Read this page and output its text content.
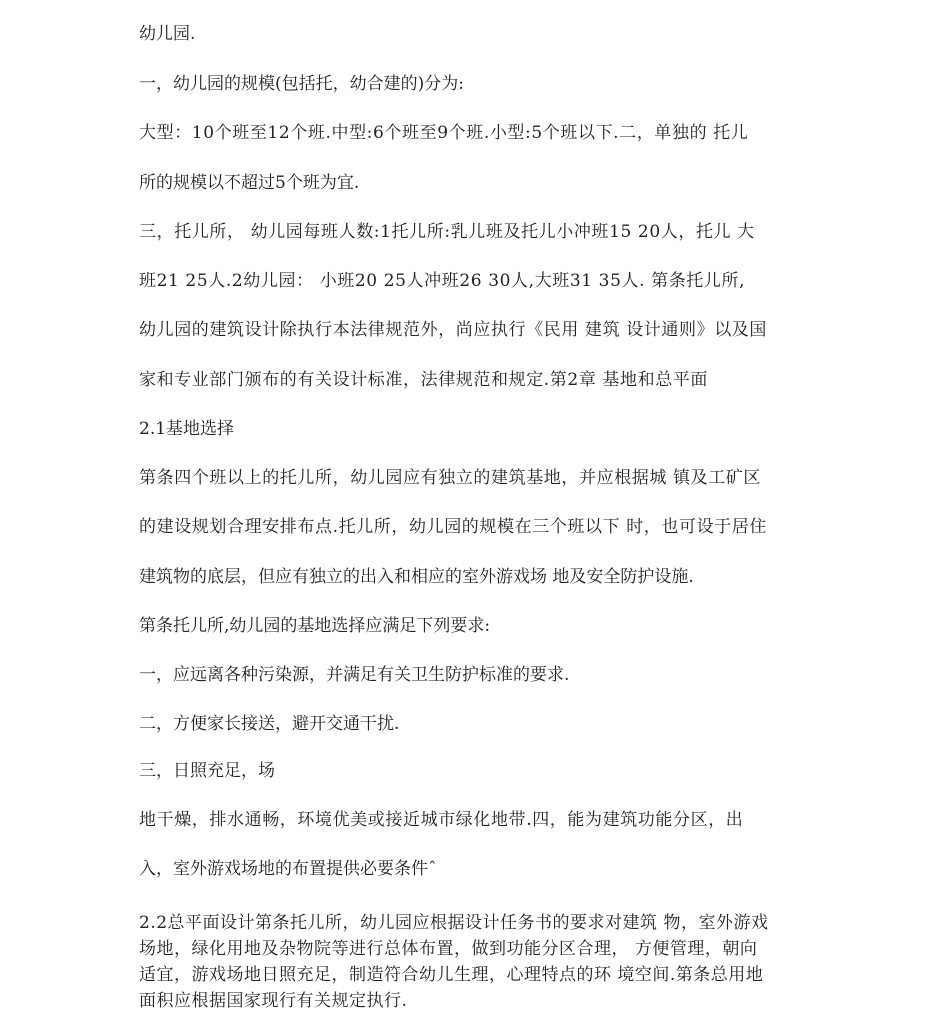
幼儿园.
一，幼儿园的规模(包括托，幼合建的)分为:
大型：10个班至12个班.中型:6个班至9个班.小型:5个班以下.二，单独的 托儿
所的规模以不超过5个班为宜.
三，托儿所， 幼儿园每班人数:1托儿所:乳儿班及托儿小冲班15 20人，托儿 大
班21 25人.2幼儿园： 小班20 25人冲班26 30人,大班31 35人. 第条托儿所,
幼儿园的建筑设计除执行本法律规范外，尚应执行《民用 建筑 设计通则》以及国
家和专业部门颁布的有关设计标准，法律规范和规定.第2章 基地和总平面
2.1基地选择
第条四个班以上的托儿所，幼儿园应有独立的建筑基地，并应根据城 镇及工矿区
的建设规划合理安排布点.托儿所，幼儿园的规模在三个班以下 时，也可设于居住
建筑物的底层，但应有独立的出入和相应的室外游戏场 地及安全防护设施.
第条托儿所,幼儿园的基地选择应满足下列要求:
一，应远离各种污染源，并满足有关卫生防护标准的要求.
二，方便家长接送，避开交通干扰.
三，日照充足，场
地干燥，排水通畅，环境优美或接近城市绿化地带.四，能为建筑功能分区，出
入，室外游戏场地的布置提供必要条件ˆ
2.2总平面设计第条托儿所，幼儿园应根据设计任务书的要求对建筑 物，室外游戏
场地，绿化用地及杂物院等进行总体布置，做到功能分区合理， 方便管理，朝向
适宜，游戏场地日照充足，制造符合幼儿生理，心理特点的环 境空间.第条总用地
面积应根据国家现行有关规定执行.
